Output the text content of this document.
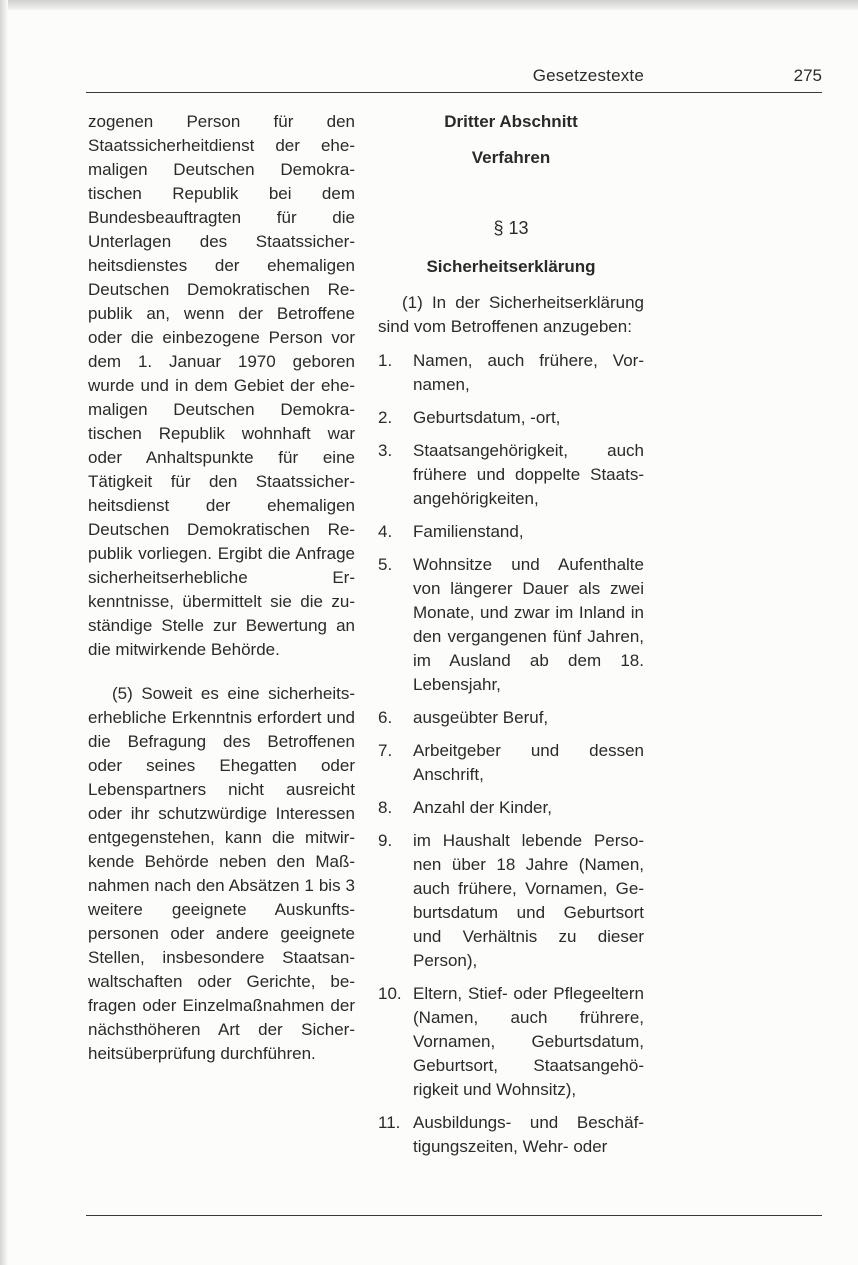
Gesetzestexte	275

zogenen Person für den Staatssicherheitdienst der ehemaligen Deutschen Demokratischen Republik bei dem Bundesbeauftragten für die Unterlagen des Staatssicherheitsdienstes der ehemaligen Deutschen Demokratischen Republik an, wenn der Betroffene oder die einbezogene Person vor dem 1. Januar 1970 geboren wurde und in dem Gebiet der ehemaligen Deutschen Demokratischen Republik wohnhaft war oder Anhaltspunkte für eine Tätigkeit für den Staatssicherheitsdienst der ehemaligen Deutschen Demokratischen Republik vorliegen. Ergibt die Anfrage sicherheitserhebliche Erkenntnisse, übermittelt sie die zuständige Stelle zur Bewertung an die mitwirkende Behörde.

(5) Soweit es eine sicherheitserhebliche Erkenntnis erfordert und die Befragung des Betroffenen oder seines Ehegatten oder Lebenspartners nicht ausreicht oder ihr schutzwürdige Interessen entgegenstehen, kann die mitwirkende Behörde neben den Maßnahmen nach den Absätzen 1 bis 3 weitere geeignete Auskunftspersonen oder andere geeignete Stellen, insbesondere Staatsanwaltschaften oder Gerichte, befragen oder Einzelmaßnahmen der nächsthöheren Art der Sicherheitsüberprüfung durchführen.

Dritter Abschnitt

Verfahren

§ 13

Sicherheitserklärung

(1) In der Sicherheitserklärung sind vom Betroffenen anzugeben:

1.	Namen, auch frühere, Vornamen,
2.	Geburtsdatum, -ort,
3.	Staatsangehörigkeit, auch frühere und doppelte Staatsangehörigkeiten,
4.	Familienstand,
5.	Wohnsitze und Aufenthalte von längerer Dauer als zwei Monate, und zwar im Inland in den vergangenen fünf Jahren, im Ausland ab dem 18. Lebensjahr,
6.	ausgeübter Beruf,
7.	Arbeitgeber und dessen Anschrift,
8.	Anzahl der Kinder,
9.	im Haushalt lebende Personen über 18 Jahre (Namen, auch frühere, Vornamen, Geburtsdatum und Geburtsort und Verhältnis zu dieser Person),
10. Eltern, Stief- oder Pflegeeltern (Namen, auch frührere, Vornamen, Geburtsdatum, Geburtsort, Staatsangehörigkeit und Wohnsitz),
11. Ausbildungs- und Beschäftigungszeiten, Wehr- oder
